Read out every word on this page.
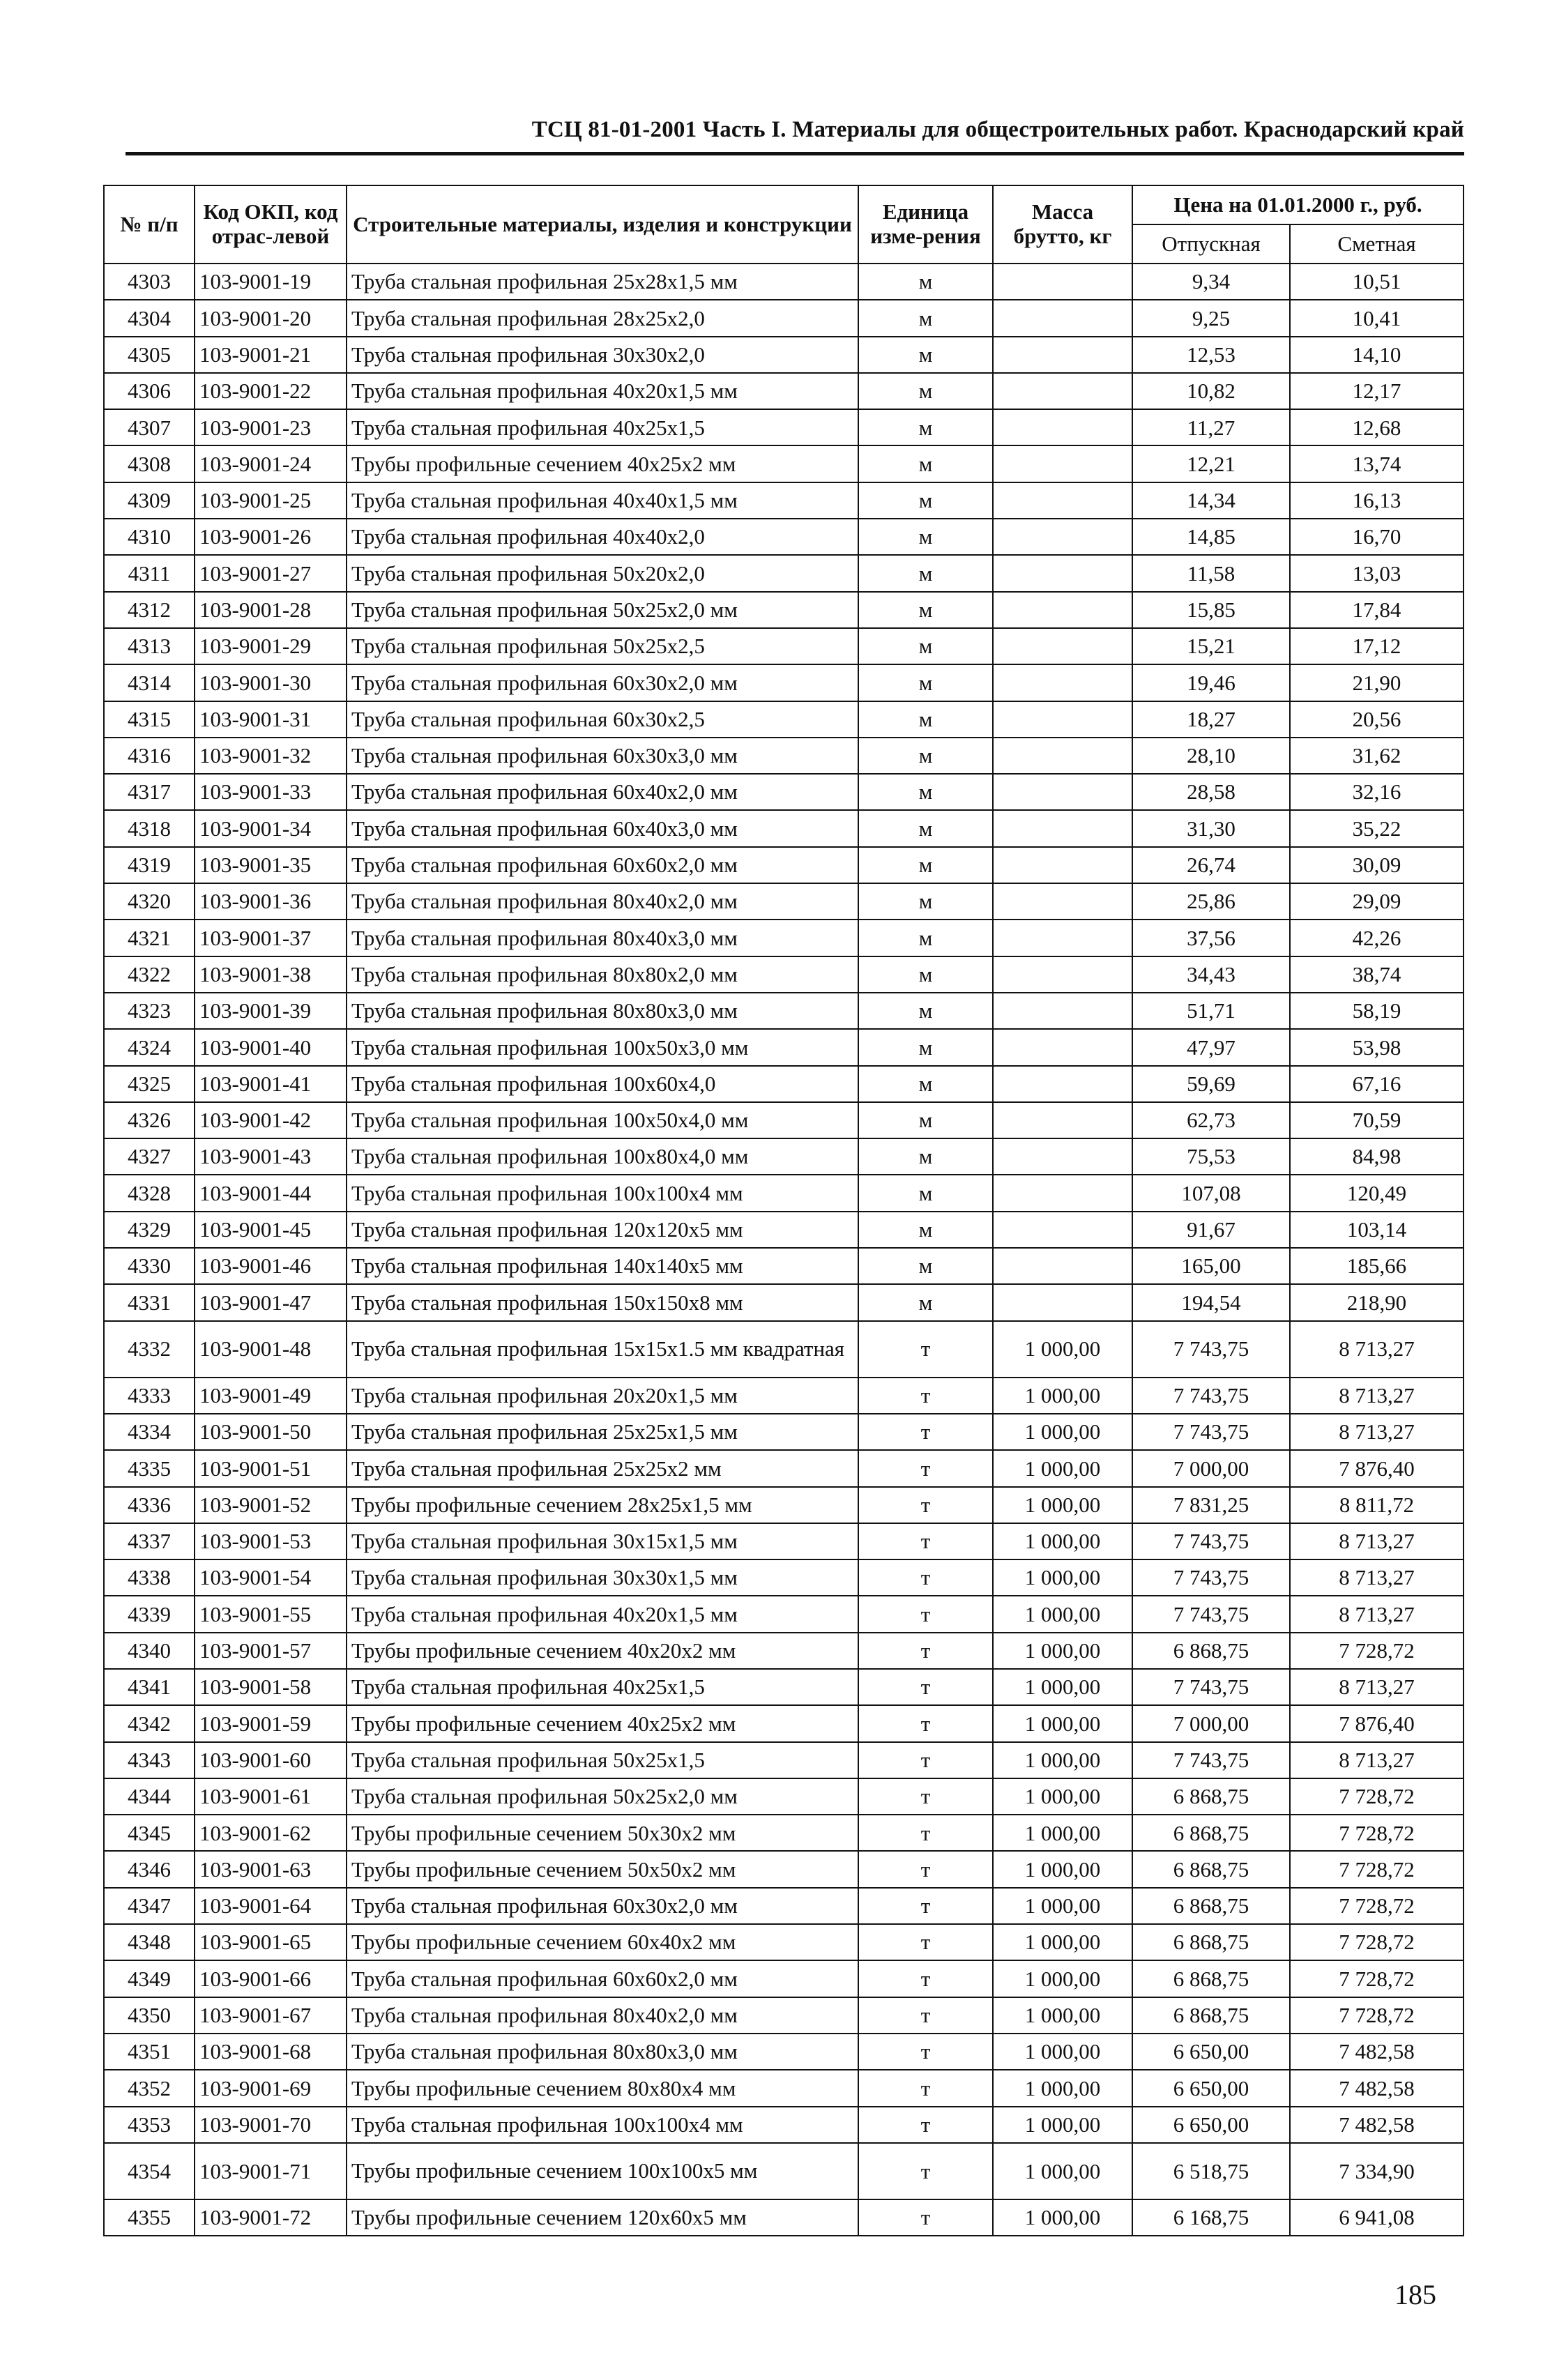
ТСЦ 81-01-2001 Часть I. Материалы для общестроительных работ. Краснодарский край
№ п/п	Код ОКП, код отрас-левой	Строительные материалы, изделия и конструкции	Единица изме-рения	Масса брутто, кг	Цена на 01.01.2000 г., руб.	
					Отпускная	Сметная
4303	103-9001-19	Труба стальная профильная 25х28х1,5 мм	м		9,34	10,51
4304	103-9001-20	Труба стальная профильная 28х25х2,0	м		9,25	10,41
4305	103-9001-21	Труба стальная профильная 30х30х2,0	м		12,53	14,10
4306	103-9001-22	Труба стальная профильная 40х20х1,5 мм	м		10,82	12,17
4307	103-9001-23	Труба стальная профильная 40х25х1,5	м		11,27	12,68
4308	103-9001-24	Трубы профильные сечением 40х25х2 мм	м		12,21	13,74
4309	103-9001-25	Труба стальная профильная 40х40х1,5 мм	м		14,34	16,13
4310	103-9001-26	Труба стальная профильная 40х40х2,0	м		14,85	16,70
4311	103-9001-27	Труба стальная профильная 50х20х2,0	м		11,58	13,03
4312	103-9001-28	Труба стальная профильная 50х25х2,0 мм	м		15,85	17,84
4313	103-9001-29	Труба стальная профильная 50х25х2,5	м		15,21	17,12
4314	103-9001-30	Труба стальная профильная 60х30х2,0 мм	м		19,46	21,90
4315	103-9001-31	Труба стальная профильная 60х30х2,5	м		18,27	20,56
4316	103-9001-32	Труба стальная профильная 60х30х3,0 мм	м		28,10	31,62
4317	103-9001-33	Труба стальная профильная 60х40х2,0 мм	м		28,58	32,16
4318	103-9001-34	Труба стальная профильная 60х40х3,0 мм	м		31,30	35,22
4319	103-9001-35	Труба стальная профильная 60х60х2,0 мм	м		26,74	30,09
4320	103-9001-36	Труба стальная профильная 80х40х2,0 мм	м		25,86	29,09
4321	103-9001-37	Труба стальная профильная 80х40х3,0 мм	м		37,56	42,26
4322	103-9001-38	Труба стальная профильная 80х80х2,0 мм	м		34,43	38,74
4323	103-9001-39	Труба стальная профильная 80х80х3,0 мм	м		51,71	58,19
4324	103-9001-40	Труба стальная профильная 100х50х3,0 мм	м		47,97	53,98
4325	103-9001-41	Труба стальная профильная 100х60х4,0	м		59,69	67,16
4326	103-9001-42	Труба стальная профильная 100х50х4,0 мм	м		62,73	70,59
4327	103-9001-43	Труба стальная профильная 100х80х4,0 мм	м		75,53	84,98
4328	103-9001-44	Труба стальная профильная 100х100х4 мм	м		107,08	120,49
4329	103-9001-45	Труба стальная профильная 120х120х5 мм	м		91,67	103,14
4330	103-9001-46	Труба стальная профильная 140х140х5 мм	м		165,00	185,66
4331	103-9001-47	Труба стальная профильная 150х150х8 мм	м		194,54	218,90
4332	103-9001-48	Труба стальная профильная 15х15х1.5 мм квадратная	т	1 000,00	7 743,75	8 713,27
4333	103-9001-49	Труба стальная профильная 20х20х1,5 мм	т	1 000,00	7 743,75	8 713,27
4334	103-9001-50	Труба стальная профильная 25х25х1,5 мм	т	1 000,00	7 743,75	8 713,27
4335	103-9001-51	Труба стальная профильная 25х25х2 мм	т	1 000,00	7 000,00	7 876,40
4336	103-9001-52	Трубы профильные сечением 28х25х1,5 мм	т	1 000,00	7 831,25	8 811,72
4337	103-9001-53	Труба стальная профильная 30х15х1,5 мм	т	1 000,00	7 743,75	8 713,27
4338	103-9001-54	Труба стальная профильная 30х30х1,5 мм	т	1 000,00	7 743,75	8 713,27
4339	103-9001-55	Труба стальная профильная 40х20х1,5 мм	т	1 000,00	7 743,75	8 713,27
4340	103-9001-57	Трубы профильные сечением 40х20х2 мм	т	1 000,00	6 868,75	7 728,72
4341	103-9001-58	Труба стальная профильная 40х25х1,5	т	1 000,00	7 743,75	8 713,27
4342	103-9001-59	Трубы профильные сечением 40х25х2 мм	т	1 000,00	7 000,00	7 876,40
4343	103-9001-60	Труба стальная профильная 50х25х1,5	т	1 000,00	7 743,75	8 713,27
4344	103-9001-61	Труба стальная профильная 50х25х2,0 мм	т	1 000,00	6 868,75	7 728,72
4345	103-9001-62	Трубы профильные сечением 50х30х2 мм	т	1 000,00	6 868,75	7 728,72
4346	103-9001-63	Трубы профильные сечением 50х50х2 мм	т	1 000,00	6 868,75	7 728,72
4347	103-9001-64	Труба стальная профильная 60х30х2,0 мм	т	1 000,00	6 868,75	7 728,72
4348	103-9001-65	Трубы профильные сечением 60х40х2 мм	т	1 000,00	6 868,75	7 728,72
4349	103-9001-66	Труба стальная профильная 60х60х2,0 мм	т	1 000,00	6 868,75	7 728,72
4350	103-9001-67	Труба стальная профильная 80х40х2,0 мм	т	1 000,00	6 868,75	7 728,72
4351	103-9001-68	Труба стальная профильная 80х80х3,0 мм	т	1 000,00	6 650,00	7 482,58
4352	103-9001-69	Трубы профильные сечением 80х80х4 мм	т	1 000,00	6 650,00	7 482,58
4353	103-9001-70	Труба стальная профильная 100х100х4 мм	т	1 000,00	6 650,00	7 482,58
4354	103-9001-71	Трубы профильные сечением 100х100х5 мм	т	1 000,00	6 518,75	7 334,90
4355	103-9001-72	Трубы профильные сечением 120х60х5 мм	т	1 000,00	6 168,75	6 941,08
185
